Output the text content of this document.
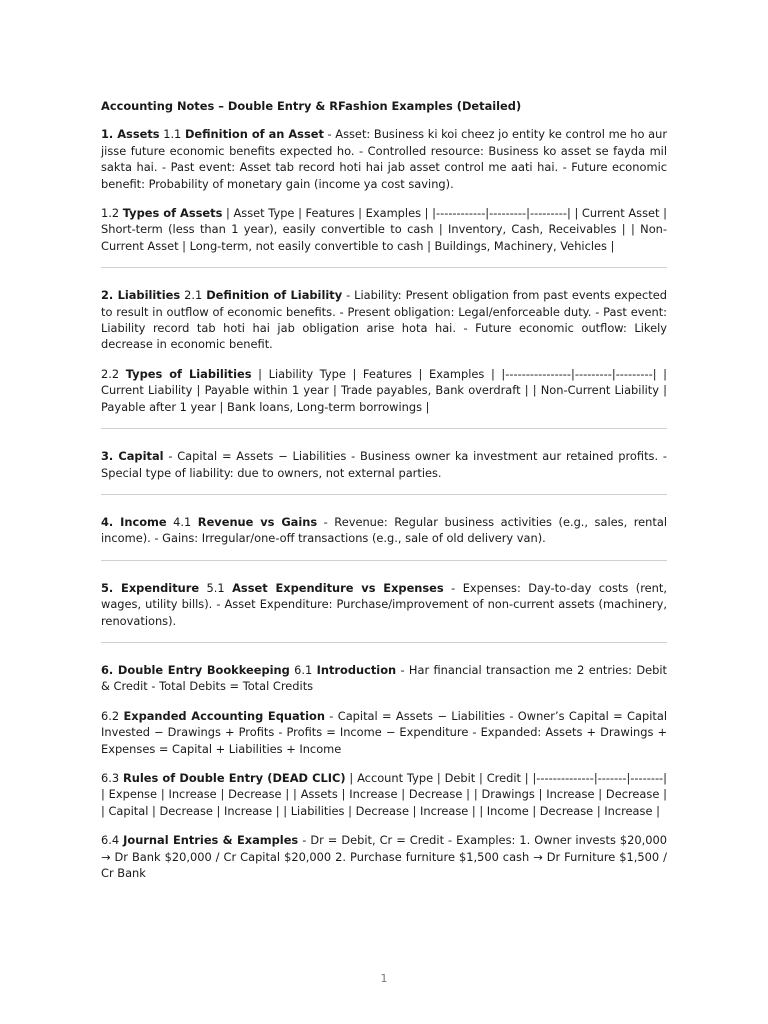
Accounting Notes – Double Entry & RFashion Examples (Detailed)

1. Assets 1.1 Definition of an Asset - Asset: Business ki koi cheez jo entity ke control me ho aur jisse future economic benefits expected ho. - Controlled resource: Business ko asset se fayda mil sakta hai. - Past event: Asset tab record hoti hai jab asset control me aati hai. - Future economic benefit: Probability of monetary gain (income ya cost saving).

1.2 Types of Assets | Asset Type | Features | Examples | |------------|---------|---------| | Current Asset | Short-term (less than 1 year), easily convertible to cash | Inventory, Cash, Receivables | | Non-Current Asset | Long-term, not easily convertible to cash | Buildings, Machinery, Vehicles |

2. Liabilities 2.1 Definition of Liability - Liability: Present obligation from past events expected to result in outflow of economic benefits. - Present obligation: Legal/enforceable duty. - Past event: Liability record tab hoti hai jab obligation arise hota hai. - Future economic outflow: Likely decrease in economic benefit.

2.2 Types of Liabilities | Liability Type | Features | Examples | |----------------|---------|---------| | Current Liability | Payable within 1 year | Trade payables, Bank overdraft | | Non-Current Liability | Payable after 1 year | Bank loans, Long-term borrowings |

3. Capital - Capital = Assets − Liabilities - Business owner ka investment aur retained profits. - Special type of liability: due to owners, not external parties.

4. Income 4.1 Revenue vs Gains - Revenue: Regular business activities (e.g., sales, rental income). - Gains: Irregular/one-off transactions (e.g., sale of old delivery van).

5. Expenditure 5.1 Asset Expenditure vs Expenses - Expenses: Day-to-day costs (rent, wages, utility bills). - Asset Expenditure: Purchase/improvement of non-current assets (machinery, renovations).

6. Double Entry Bookkeeping 6.1 Introduction - Har financial transaction me 2 entries: Debit & Credit - Total Debits = Total Credits

6.2 Expanded Accounting Equation - Capital = Assets − Liabilities - Owner’s Capital = Capital Invested − Drawings + Profits - Profits = Income − Expenditure - Expanded: Assets + Drawings + Expenses = Capital + Liabilities + Income

6.3 Rules of Double Entry (DEAD CLIC) | Account Type | Debit | Credit | |--------------|-------|--------| | Expense | Increase | Decrease | | Assets | Increase | Decrease | | Drawings | Increase | Decrease | | Capital | Decrease | Increase | | Liabilities | Decrease | Increase | | Income | Decrease | Increase |

6.4 Journal Entries & Examples - Dr = Debit, Cr = Credit - Examples: 1. Owner invests $20,000 → Dr Bank $20,000 / Cr Capital $20,000 2. Purchase furniture $1,500 cash → Dr Furniture $1,500 / Cr Bank

1
